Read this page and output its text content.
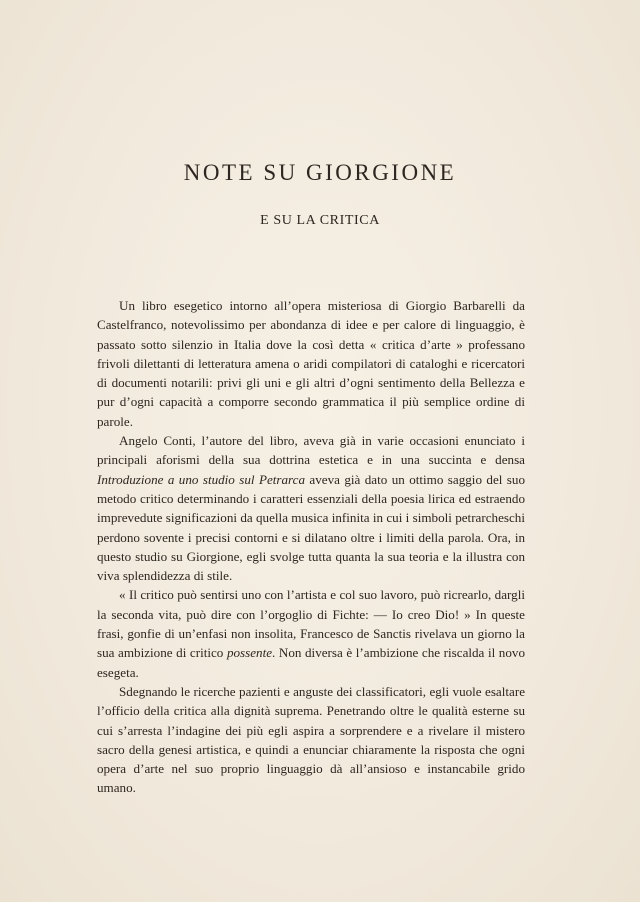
NOTE SU GIORGIONE
E SU LA CRITICA

Un libro esegetico intorno all’opera misteriosa di Giorgio Barbarelli da Castelfranco, notevolissimo per abondanza di idee e per calore di linguaggio, è passato sotto silenzio in Italia dove la così detta « critica d’arte » professano frivoli dilettanti di letteratura amena o aridi compilatori di cataloghi e ricercatori di documenti notarili: privi gli uni e gli altri d’ogni sentimento della Bellezza e pur d’ogni capacità a comporre secondo grammatica il più semplice ordine di parole.

Angelo Conti, l’autore del libro, aveva già in varie occasioni enunciato i principali aforismi della sua dottrina estetica e in una succinta e densa Introduzione a uno studio sul Petrarca aveva già dato un ottimo saggio del suo metodo critico determinando i caratteri essenziali della poesia lirica ed estraendo imprevedute significazioni da quella musica infinita in cui i simboli petrarcheschi perdono sovente i precisi contorni e si dilatano oltre i limiti della parola. Ora, in questo studio su Giorgione, egli svolge tutta quanta la sua teoria e la illustra con viva splendidezza di stile.

« Il critico può sentirsi uno con l’artista e col suo lavoro, può ricrearlo, dargli la seconda vita, può dire con l’orgoglio di Fichte: — Io creo Dio! » In queste frasi, gonfie di un’enfasi non insolita, Francesco de Sanctis rivelava un giorno la sua ambizione di critico possente. Non diversa è l’ambizione che riscalda il novo esegeta.

Sdegnando le ricerche pazienti e anguste dei classificatori, egli vuole esaltare l’officio della critica alla dignità suprema. Penetrando oltre le qualità esterne su cui s’arresta l’indagine dei più egli aspira a sorprendere e a rivelare il mistero sacro della genesi artistica, e quindi a enunciar chiaramente la risposta che ogni opera d’arte nel suo proprio linguaggio dà all’ansioso e instancabile grido umano.
